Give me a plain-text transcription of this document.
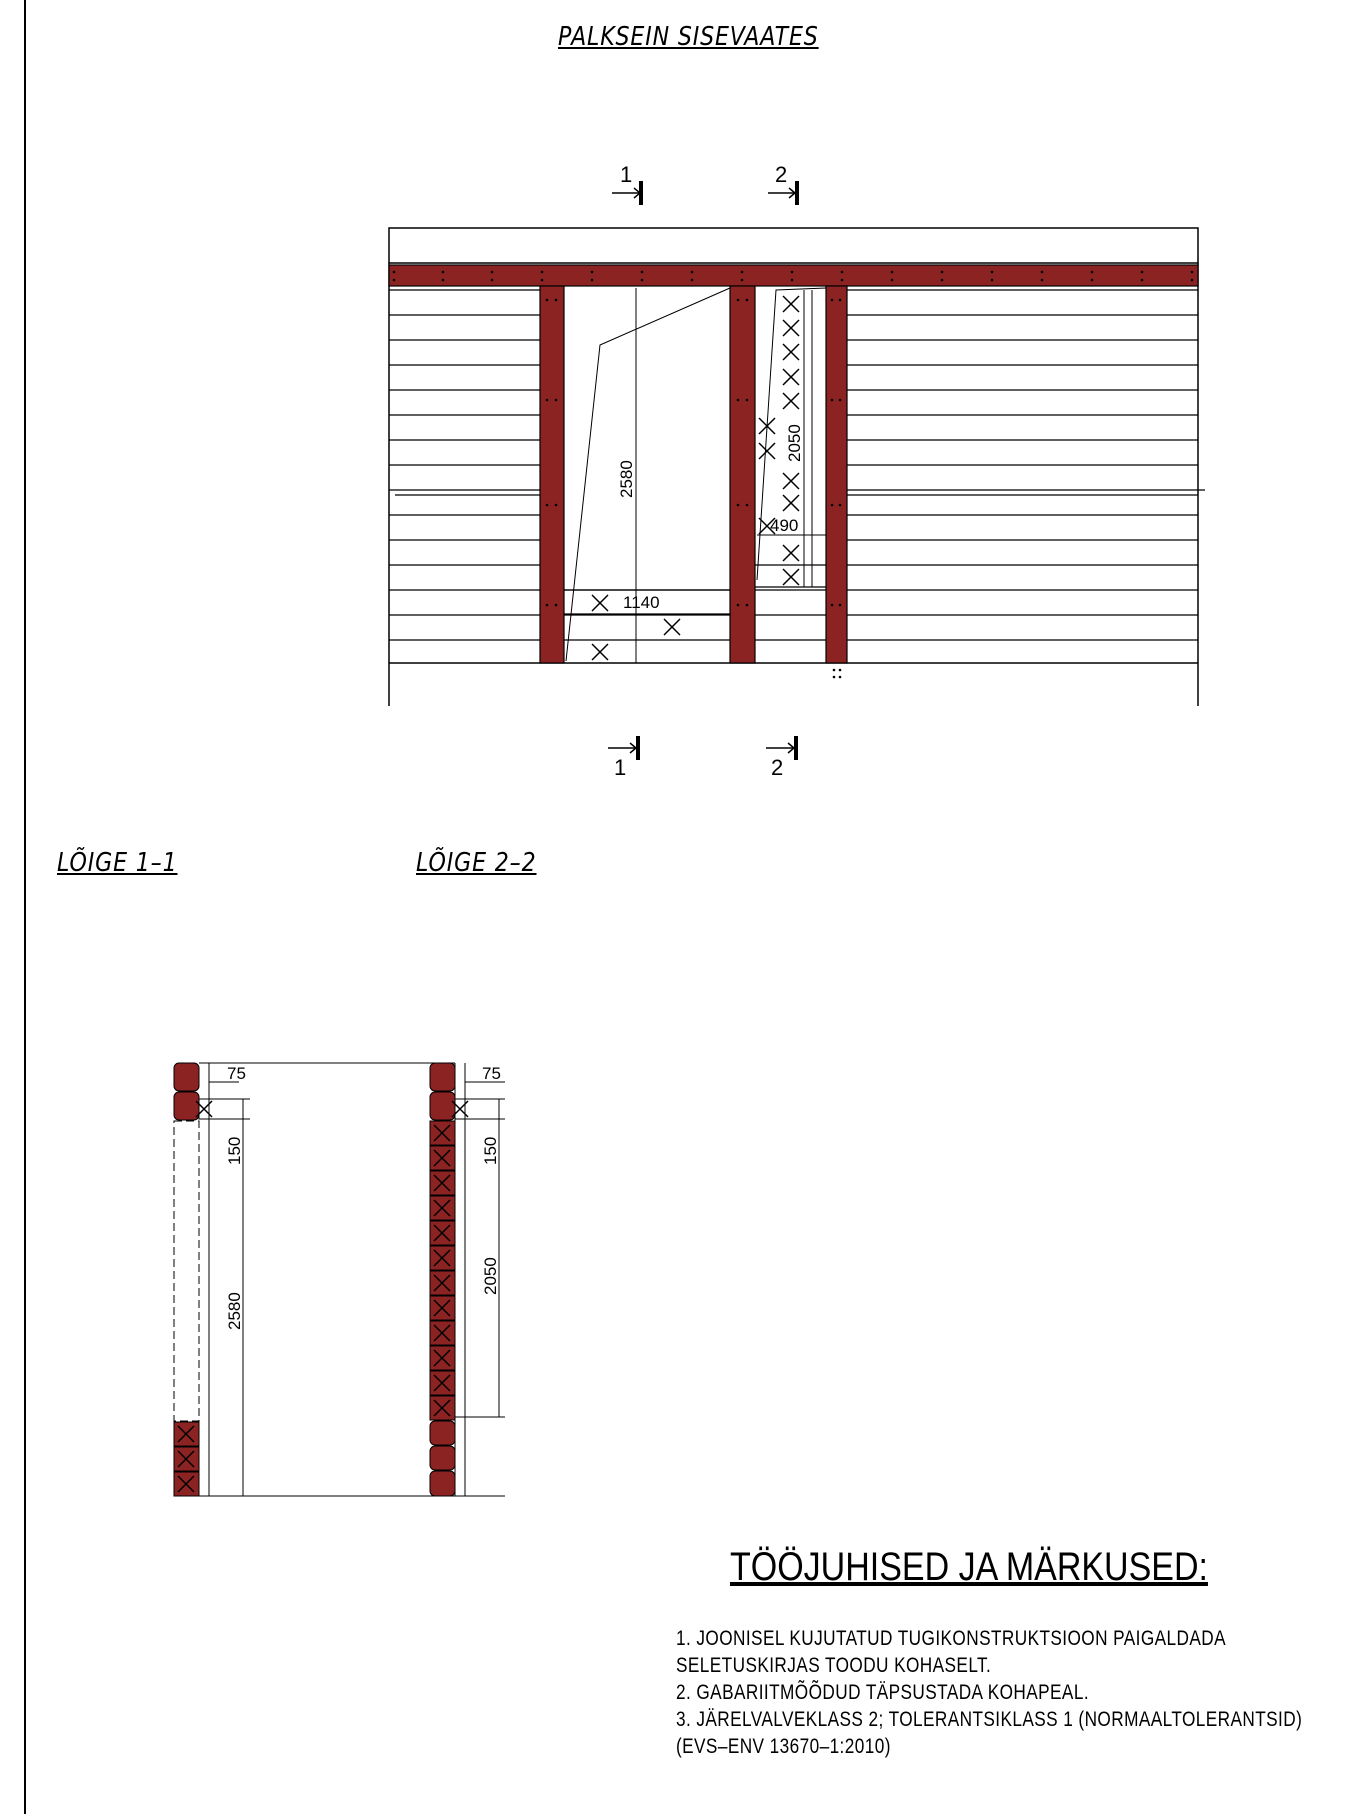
PALKSEIN SISEVAATES
LÕIGE 1–1	LÕIGE 2–2
2580
1140
2050
490
1	2
1	2
75
150
2580
75
150
2050
TÖÖJUHISED JA MÄRKUSED:
1. JOONISEL KUJUTATUD TUGIKONSTRUKTSIOON PAIGALDADA
SELETUSKIRJAS TOODU KOHASELT.
2. GABARIITMÕÕDUD TÄPSUSTADA KOHAPEAL.
3. JÄRELVALVEKLASS 2; TOLERANTSIKLASS 1 (NORMAALTOLERANTSID)
(EVS–ENV 13670–1:2010)
